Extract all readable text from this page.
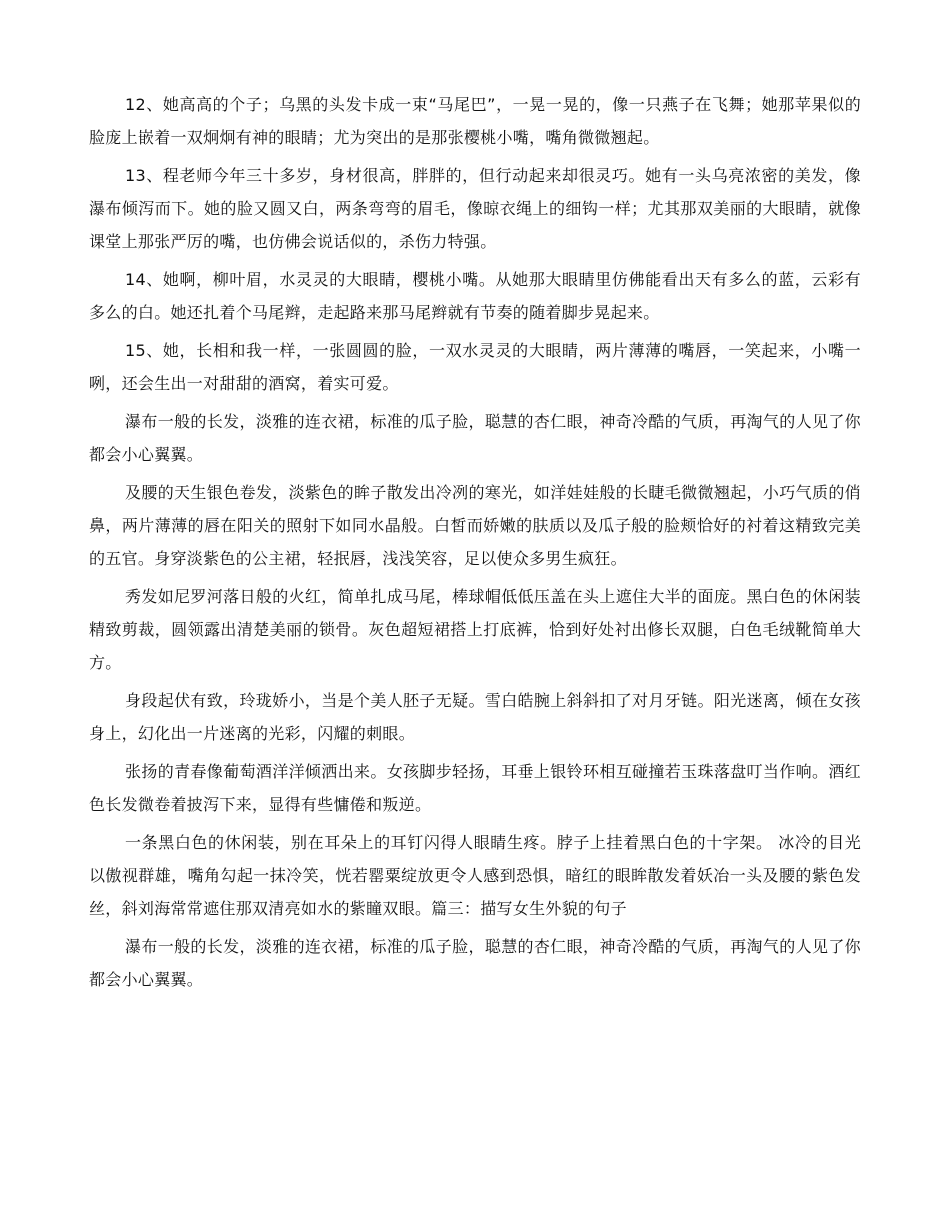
12、她高高的个子；乌黑的头发卡成一束“马尾巴”，一晃一晃的，像一只燕子在飞舞；她那苹果似的脸庞上嵌着一双炯炯有神的眼睛；尤为突出的是那张樱桃小嘴，嘴角微微翘起。

13、程老师今年三十多岁，身材很高，胖胖的，但行动起来却很灵巧。她有一头乌亮浓密的美发，像瀑布倾泻而下。她的脸又圆又白，两条弯弯的眉毛，像晾衣绳上的细钩一样；尤其那双美丽的大眼睛，就像课堂上那张严厉的嘴，也仿佛会说话似的，杀伤力特强。

14、她啊，柳叶眉，水灵灵的大眼睛，樱桃小嘴。从她那大眼睛里仿佛能看出天有多么的蓝，云彩有多么的白。她还扎着个马尾辫，走起路来那马尾辫就有节奏的随着脚步晃起来。

15、她，长相和我一样，一张圆圆的脸，一双水灵灵的大眼睛，两片薄薄的嘴唇，一笑起来，小嘴一咧，还会生出一对甜甜的酒窝，着实可爱。

瀑布一般的长发，淡雅的连衣裙，标准的瓜子脸，聪慧的杏仁眼，神奇冷酷的气质，再淘气的人见了你都会小心翼翼。

及腰的天生银色卷发，淡紫色的眸子散发出冷冽的寒光，如洋娃娃般的长睫毛微微翘起，小巧气质的俏鼻，两片薄薄的唇在阳关的照射下如同水晶般。白皙而娇嫩的肤质以及瓜子般的脸颊恰好的衬着这精致完美的五官。身穿淡紫色的公主裙，轻抿唇，浅浅笑容，足以使众多男生疯狂。

秀发如尼罗河落日般的火红，简单扎成马尾，棒球帽低低压盖在头上遮住大半的面庞。黑白色的休闲装精致剪裁，圆领露出清楚美丽的锁骨。灰色超短裙搭上打底裤，恰到好处衬出修长双腿，白色毛绒靴简单大方。

身段起伏有致，玲珑娇小，当是个美人胚子无疑。雪白皓腕上斜斜扣了对月牙链。阳光迷离，倾在女孩身上，幻化出一片迷离的光彩，闪耀的刺眼。

张扬的青春像葡萄酒洋洋倾洒出来。女孩脚步轻扬，耳垂上银铃环相互碰撞若玉珠落盘叮当作响。酒红色长发微卷着披泻下来，显得有些慵倦和叛逆。

一条黑白色的休闲装，别在耳朵上的耳钉闪得人眼睛生疼。脖子上挂着黑白色的十字架。 冰冷的目光以傲视群雄，嘴角勾起一抹冷笑，恍若罂粟绽放更令人感到恐惧，暗红的眼眸散发着妖冶一头及腰的紫色发丝，斜刘海常常遮住那双清亮如水的紫瞳双眼。篇三：描写女生外貌的句子

瀑布一般的长发，淡雅的连衣裙，标准的瓜子脸，聪慧的杏仁眼，神奇冷酷的气质，再淘气的人见了你都会小心翼翼。
